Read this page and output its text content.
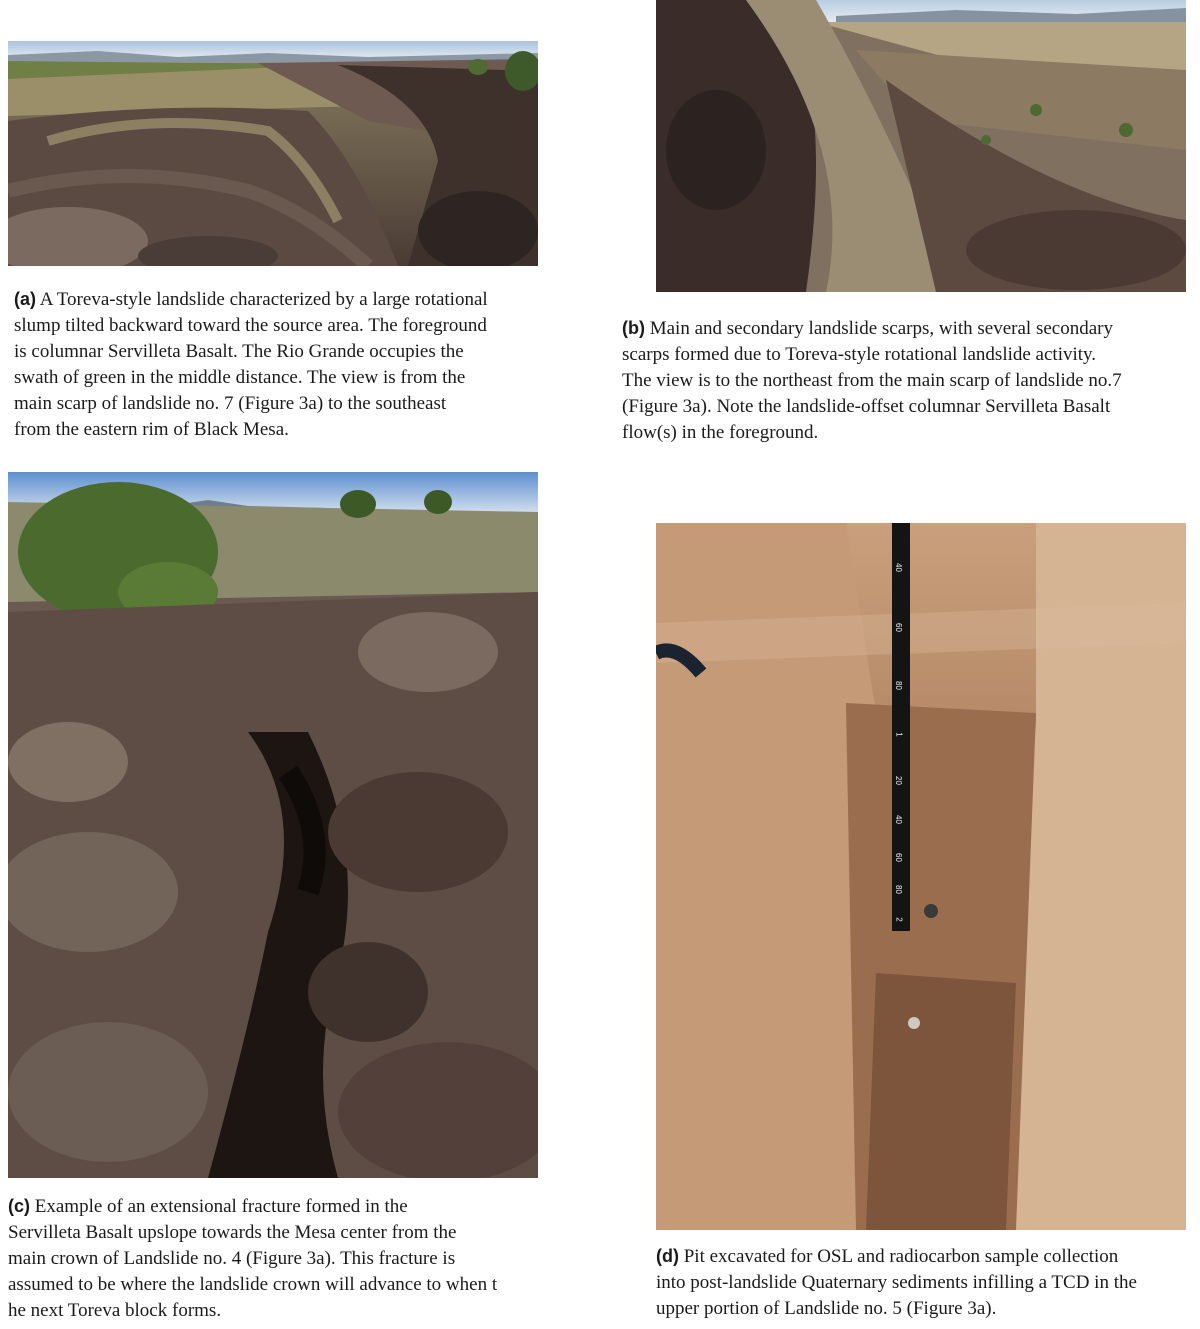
40
60
80
1
20
40
60
80
2
(a) A Toreva-style landslide characterized by a large rotational
slump tilted backward toward the source area. The foreground
is columnar Servilleta Basalt. The Rio Grande occupies the
swath of green in the middle distance. The view is from the
main scarp of landslide no. 7 (Figure 3a) to the southeast
from the eastern rim of Black Mesa.
(b) Main and secondary landslide scarps, with several secondary
scarps formed due to Toreva-style rotational landslide activity.
The view is to the northeast from the main scarp of landslide no.7
(Figure 3a). Note the landslide-offset columnar Servilleta Basalt
flow(s) in the foreground.
(c) Example of an extensional fracture formed in the
Servilleta Basalt upslope towards the Mesa center from the
main crown of Landslide no. 4 (Figure 3a). This fracture is
assumed to be where the landslide crown will advance to when t
he next Toreva block forms.
(d) Pit excavated for OSL and radiocarbon sample collection
into post-landslide Quaternary sediments infilling a TCD in the
upper portion of Landslide no. 5 (Figure 3a).
